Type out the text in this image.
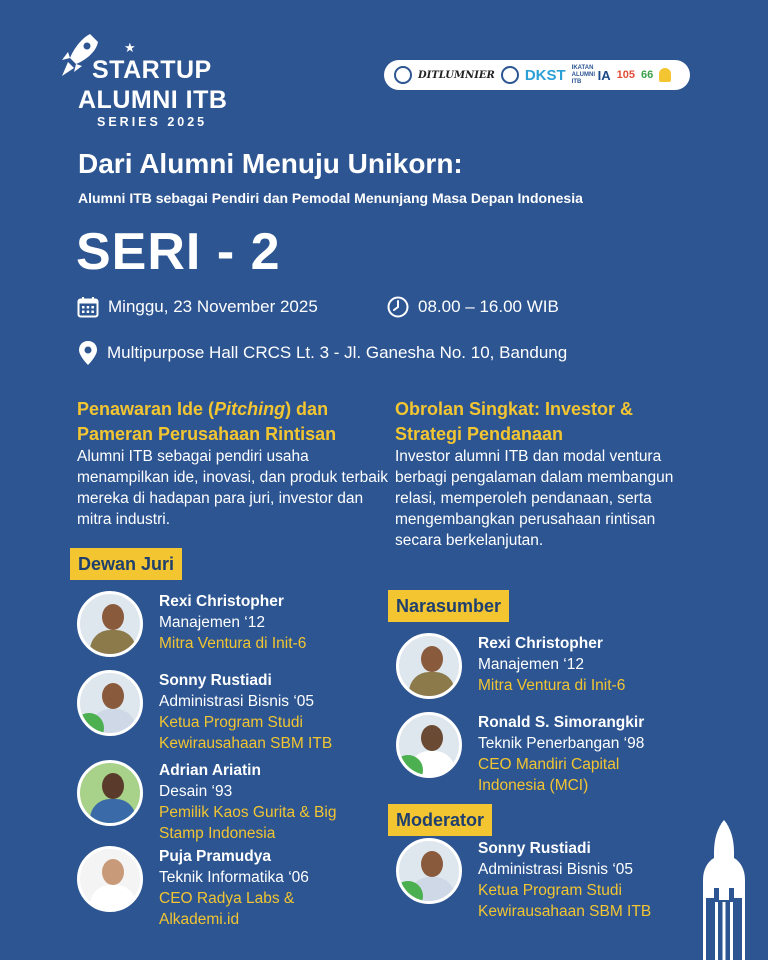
★
STARTUP
ALUMNI ITB
SERIES 2025
DITLUMNIER DKST IKATAN ALUMNI ITB	IA 105 66
Dari Alumni Menuju Unikorn:
Alumni ITB sebagai Pendiri dan Pemodal Menunjang Masa Depan Indonesia
SERI - 2
Minggu, 23 November 2025	08.00 – 16.00 WIB
Multipurpose Hall CRCS Lt. 3 - Jl. Ganesha No. 10, Bandung
Penawaran Ide (Pitching) dan Pameran Perusahaan Rintisan
Alumni ITB sebagai pendiri usaha menampilkan ide, inovasi, dan produk terbaik mereka di hadapan para juri, investor dan mitra industri.
Obrolan Singkat: Investor & Strategi Pendanaan
Investor alumni ITB dan modal ventura berbagi pengalaman dalam membangun relasi, memperoleh pendanaan, serta mengembangkan perusahaan rintisan secara berkelanjutan.
Dewan Juri
Narasumber
Moderator
Rexi Christopher
Manajemen ‘12
Mitra Ventura di Init-6
Sonny Rustiadi
Administrasi Bisnis ‘05
Ketua Program Studi Kewirausahaan SBM ITB
Adrian Ariatin
Desain ‘93
Pemilik Kaos Gurita & Big Stamp Indonesia
Puja Pramudya
Teknik Informatika ‘06
CEO Radya Labs & Alkademi.id
Rexi Christopher
Manajemen ‘12
Mitra Ventura di Init-6
Ronald S. Simorangkir
Teknik Penerbangan ‘98
CEO Mandiri Capital Indonesia (MCI)
Sonny Rustiadi
Administrasi Bisnis ‘05
Ketua Program Studi Kewirausahaan SBM ITB
